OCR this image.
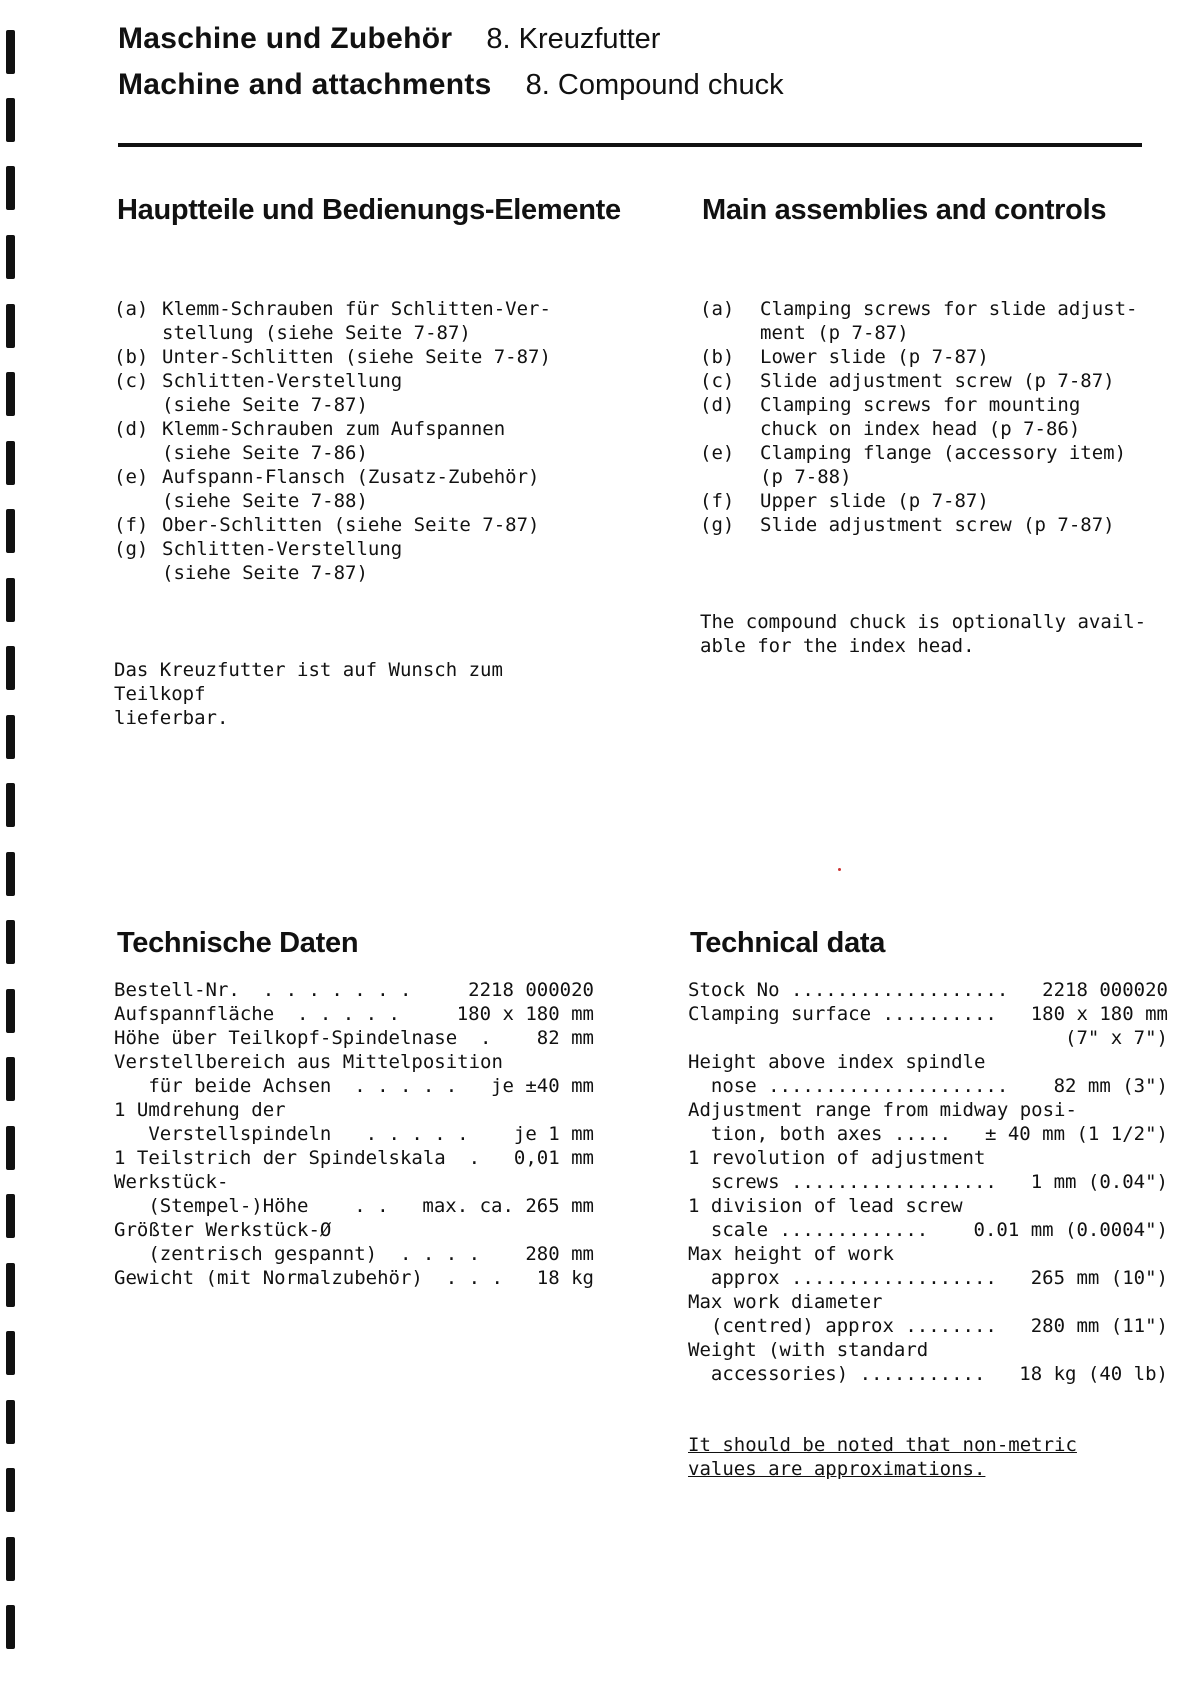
Maschine und Zubehör 8. Kreuzfutter
Machine and attachments 8. Compound chuck
Hauptteile und Bedienungs-Elemente

(a) Klemm-Schrauben für Schlitten-Ver-
stellung (siehe Seite 7-87)
(b) Unter-Schlitten (siehe Seite 7-87)
(c) Schlitten-Verstellung
(siehe Seite 7-87)
(d) Klemm-Schrauben zum Aufspannen
(siehe Seite 7-86)
(e) Aufspann-Flansch (Zusatz-Zubehör)
(siehe Seite 7-88)
(f) Ober-Schlitten (siehe Seite 7-87)
(g) Schlitten-Verstellung
(siehe Seite 7-87)

Das Kreuzfutter ist auf Wunsch zum Teilkopf
lieferbar.

Main assemblies and controls

(a)	Clamping screws for slide adjust-
ment (p 7-87)
(b)	Lower slide (p 7-87)
(c)	Slide adjustment screw (p 7-87)
(d)	Clamping screws for mounting
chuck on index head (p 7-86)
(e)	Clamping flange (accessory item)
(p 7-88)
(f)	Upper slide (p 7-87)
(g)	Slide adjustment screw (p 7-87)

The compound chuck is optionally avail-
able for the index head.

Technische Daten
Bestell-Nr.  . . . . . . .	2218 000020
Aufspannfläche  . . . . .	180 x 180 mm
Höhe über Teilkopf-Spindelnase  .	82 mm
Verstellbereich aus Mittelposition
für beide Achsen  . . . . .	je ±40 mm
1 Umdrehung der
Verstellspindeln   . . . . .	je 1 mm
1 Teilstrich der Spindelskala  .	0,01 mm
Werkstück-
(Stempel-)Höhe    . .	max. ca. 265 mm
Größter Werkstück-Ø
(zentrisch gespannt)  . . . .	280 mm
Gewicht (mit Normalzubehör)  . . .	18 kg
Technical data
Stock No ...................	2218 000020
Clamping surface ..........	180 x 180 mm
(7" x 7")
Height above index spindle
nose .....................	82 mm (3")
Adjustment range from midway posi-
tion, both axes .....	± 40 mm (1 1/2")
1 revolution of adjustment
screws ..................	1 mm (0.04")
1 division of lead screw
scale .............	0.01 mm (0.0004")
Max height of work
approx ..................	265 mm (10")
Max work diameter
(centred) approx ........	280 mm (11")
Weight (with standard
accessories) ...........	18 kg (40 lb)
It should be noted that non-metric
values are approximations.
